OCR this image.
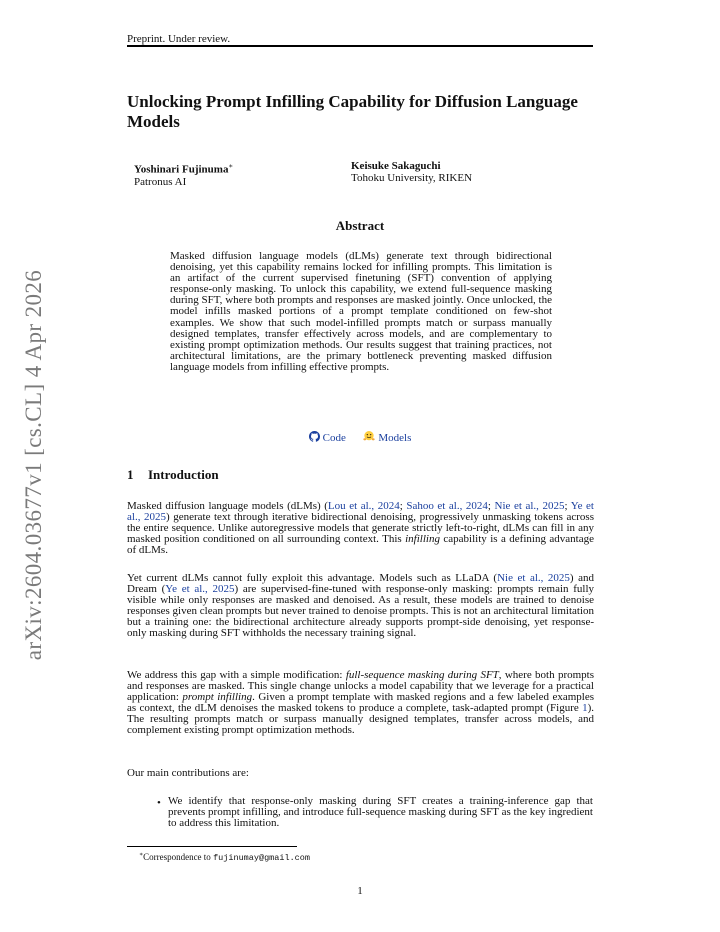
Preprint. Under review.
arXiv:2604.03677v1 [cs.CL] 4 Apr 2026
Unlocking Prompt Infilling Capability for Diffusion Language Models
Yoshinari Fujinuma∗
Patronus AI
Keisuke Sakaguchi
Tohoku University, RIKEN
Abstract
Masked diffusion language models (dLMs) generate text through bidirectional denoising, yet this capability remains locked for infilling prompts. This limitation is an artifact of the current supervised finetuning (SFT) convention of applying response-only masking. To unlock this capability, we extend full-sequence masking during SFT, where both prompts and responses are masked jointly. Once unlocked, the model infills masked portions of a prompt template conditioned on few-shot examples. We show that such model-infilled prompts match or surpass manually designed templates, transfer effectively across models, and are complementary to existing prompt optimization methods. Our results suggest that training practices, not architectural limitations, are the primary bottleneck preventing masked diffusion language models from infilling effective prompts.
Code	Models
1 Introduction

Masked diffusion language models (dLMs) (Lou et al., 2024; Sahoo et al., 2024; Nie et al., 2025; Ye et al., 2025) generate text through iterative bidirectional denoising, progressively unmasking tokens across the entire sequence. Unlike autoregressive models that generate strictly left-to-right, dLMs can fill in any masked position conditioned on all surrounding context. This infilling capability is a defining advantage of dLMs.

Yet current dLMs cannot fully exploit this advantage. Models such as LLaDA (Nie et al., 2025) and Dream (Ye et al., 2025) are supervised-fine-tuned with response-only masking: prompts remain fully visible while only responses are masked and denoised. As a result, these models are trained to denoise responses given clean prompts but never trained to denoise prompts. This is not an architectural limitation but a training one: the bidirectional architecture already supports prompt-side denoising, yet response-only masking during SFT withholds the necessary training signal.

We address this gap with a simple modification: full-sequence masking during SFT, where both prompts and responses are masked. This single change unlocks a model capability that we leverage for a practical application: prompt infilling. Given a prompt template with masked regions and a few labeled examples as context, the dLM denoises the masked tokens to produce a complete, task-adapted prompt (Figure 1). The resulting prompts match or surpass manually designed templates, transfer across models, and complement existing prompt optimization methods.

Our main contributions are:

• We identify that response-only masking during SFT creates a training-inference gap that prevents prompt infilling, and introduce full-sequence masking during SFT as the key ingredient to address this limitation.
∗Correspondence to fujinumay@gmail.com
1
